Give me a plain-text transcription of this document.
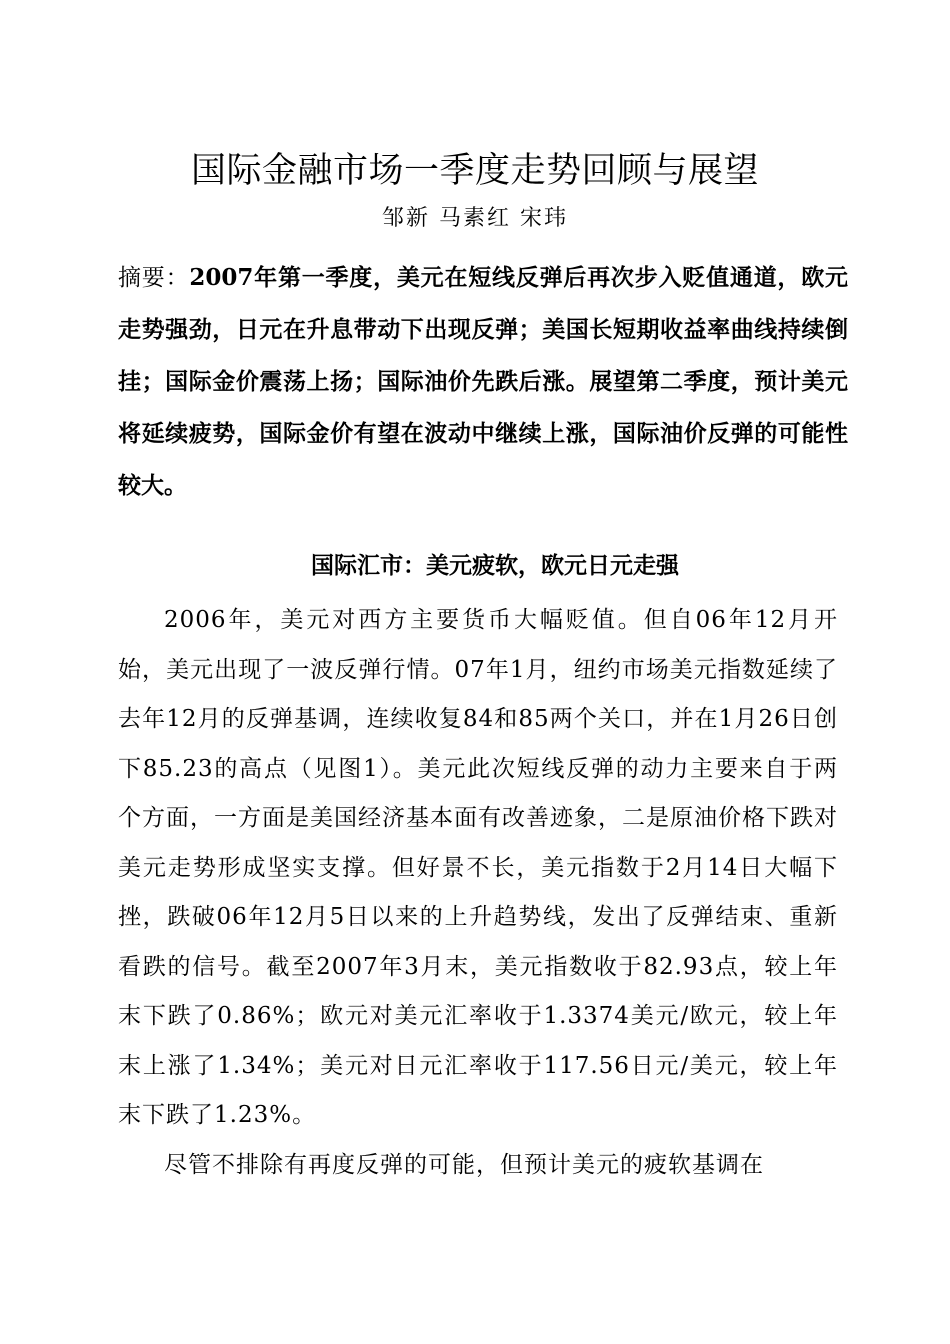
国际金融市场一季度走势回顾与展望
邹新 马素红 宋玮
摘要：2007年第一季度，美元在短线反弹后再次步入贬值通道，欧元走势强劲，日元在升息带动下出现反弹；美国长短期收益率曲线持续倒挂；国际金价震荡上扬；国际油价先跌后涨。展望第二季度，预计美元将延续疲势，国际金价有望在波动中继续上涨，国际油价反弹的可能性较大。
国际汇市：美元疲软，欧元日元走强
2006年，美元对西方主要货币大幅贬值。但自06年12月开始，美元出现了一波反弹行情。07年1月，纽约市场美元指数延续了去年12月的反弹基调，连续收复84和85两个关口，并在1月26日创下85.23的高点（见图1）。美元此次短线反弹的动力主要来自于两个方面，一方面是美国经济基本面有改善迹象，二是原油价格下跌对美元走势形成坚实支撑。但好景不长，美元指数于2月14日大幅下挫，跌破06年12月5日以来的上升趋势线，发出了反弹结束、重新看跌的信号。截至2007年3月末，美元指数收于82.93点，较上年末下跌了0.86%；欧元对美元汇率收于1.3374美元/欧元，较上年末上涨了1.34%；美元对日元汇率收于117.56日元/美元，较上年末下跌了1.23%。
尽管不排除有再度反弹的可能，但预计美元的疲软基调在
